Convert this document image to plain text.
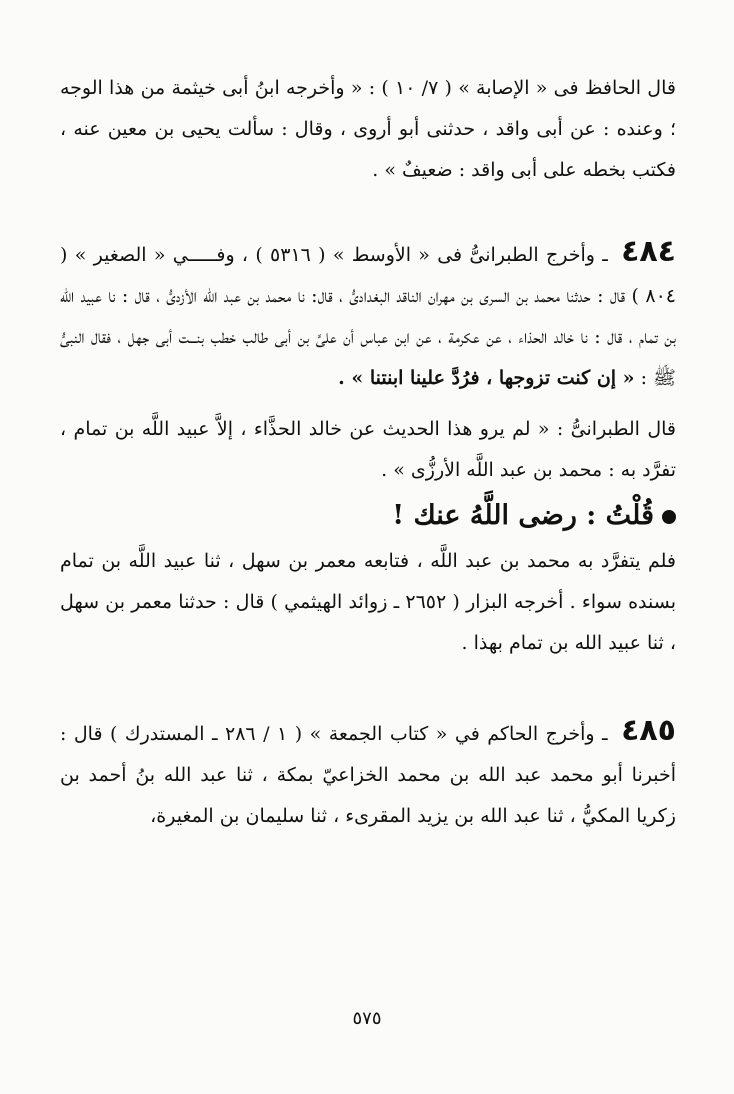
قال الحافظ فى « الإصابة » ( ٧/ ١٠ ) : « وأخرجه ابنُ أبى خيثمة من هذا الوجه ؛ وعنده : عن أبى واقد ، حدثنى أبو أروى ، وقال : سألت يحيى بن معين عنه ، فكتب بخطه على أبى واقد : ضعيفٌ » .

٤٨٤ ـ وأخرج الطبرانىُّ فى « الأوسط » ( ٥٣١٦ ) ، وفـــــي « الصغير » ( ٨٠٤ ) قال : حدثنا محمد بن السرى بن مهران الناقد البغدادىُّ ، قال: نا محمد بن عبد الله الأزدىُّ ، قال : نا عبيد الله بن تمام ، قال : نا خالد الحذاء ، عن عكرمة ، عن ابن عباس أن علىَّ بن أبى طالب خطب بنـــت أبى جهل ، فقال النبىُّ ﷺ : « إن كنت تزوجها ، فرُدَّ علينا ابنتنا » .

قال الطبرانىُّ : « لم يرو هذا الحديث عن خالد الحذَّاء ، إلاَّ عبيد اللَّه بن تمام ، تفرَّد به : محمد بن عبد اللَّه الأرزُّى » .

قُلْتُ : رضى اللَّهُ عنك !

فلم يتفرَّد به محمد بن عبد اللَّه ، فتابعه معمر بن سهل ، ثنا عبيد اللَّه بن تمام بسنده سواء . أخرجه البزار ( ٢٦٥٢ ـ زوائد الهيثمي ) قال : حدثنا معمر بن سهل ، ثنا عبيد الله بن تمام بهذا .

٤٨٥ ـ وأخرج الحاكم في « كتاب الجمعة » ( ١ / ٢٨٦ ـ المستدرك ) قال : أخبرنا أبو محمد عبد الله بن محمد الخزاعيّ بمكة ، ثنا عبد الله بنُ أحمد بن زكريا المكيُّ ، ثنا عبد الله بن يزيد المقرىء ، ثنا سليمان بن المغيرة،

٥٧٥
